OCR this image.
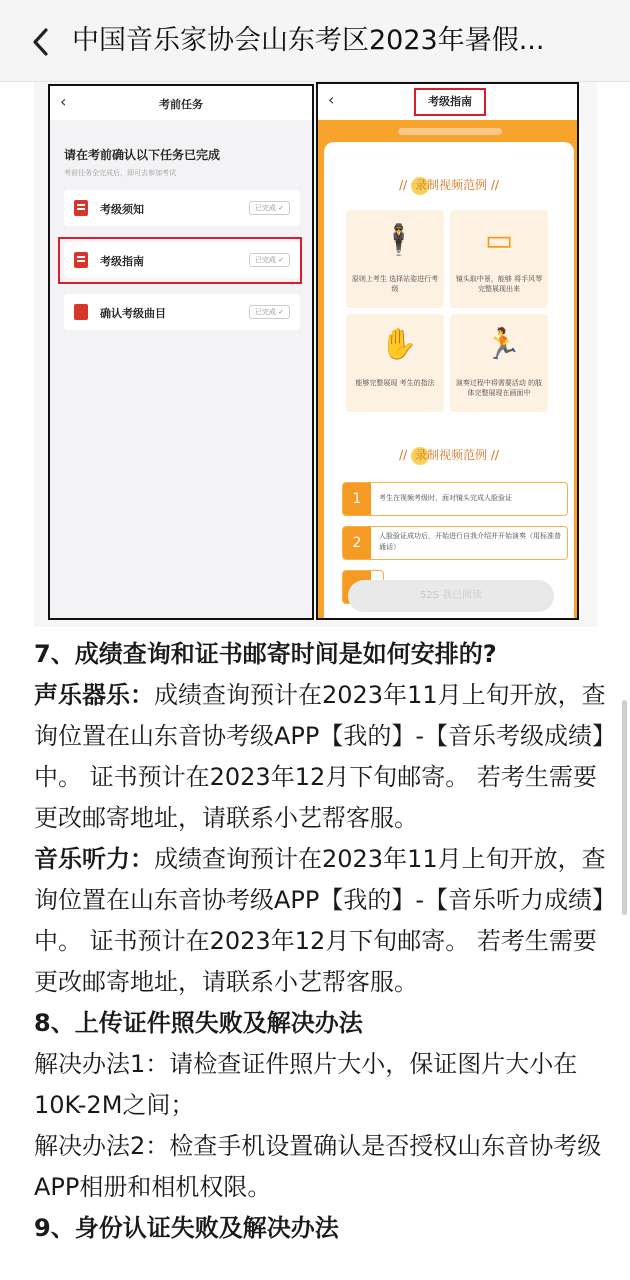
中国音乐家协会山东考区2023年暑假...
‹	考前任务
请在考前确认以下任务已完成
考前任务全完成后，即可去参加考试
考级须知	已完成 ✓
考级指南	已完成 ✓
确认考级曲目	已完成 ✓
‹	考级指南
// 录制视频范例 //
🕴
原则上考生 选择站姿进行考级
▭
镜头取中景，能够 将手风琴完整展现出来
✋
能够完整展现 考生的指法
🏃
演奏过程中将需要活动 的肢体完整展现在画面中
// 录制视频范例 //
1	考生在视频考级时，面对镜头完成人脸验证
2	人脸验证成功后，开始进行自我介绍并开始演奏（用标准普通话）
52S 我已阅读

7、成绩查询和证书邮寄时间是如何安排的?

声乐器乐：成绩查询预计在2023年11月上旬开放，查询位置在山东音协考级APP【我的】-【音乐考级成绩】中。 证书预计在2023年12月下旬邮寄。 若考生需要更改邮寄地址，请联系小艺帮客服。

音乐听力：成绩查询预计在2023年11月上旬开放，查询位置在山东音协考级APP【我的】-【音乐听力成绩】中。 证书预计在2023年12月下旬邮寄。 若考生需要更改邮寄地址，请联系小艺帮客服。

8、上传证件照失败及解决办法

解决办法1：请检查证件照片大小，保证图片大小在10K-2M之间；

解决办法2：检查手机设置确认是否授权山东音协考级APP相册和相机权限。

9、身份认证失败及解决办法
